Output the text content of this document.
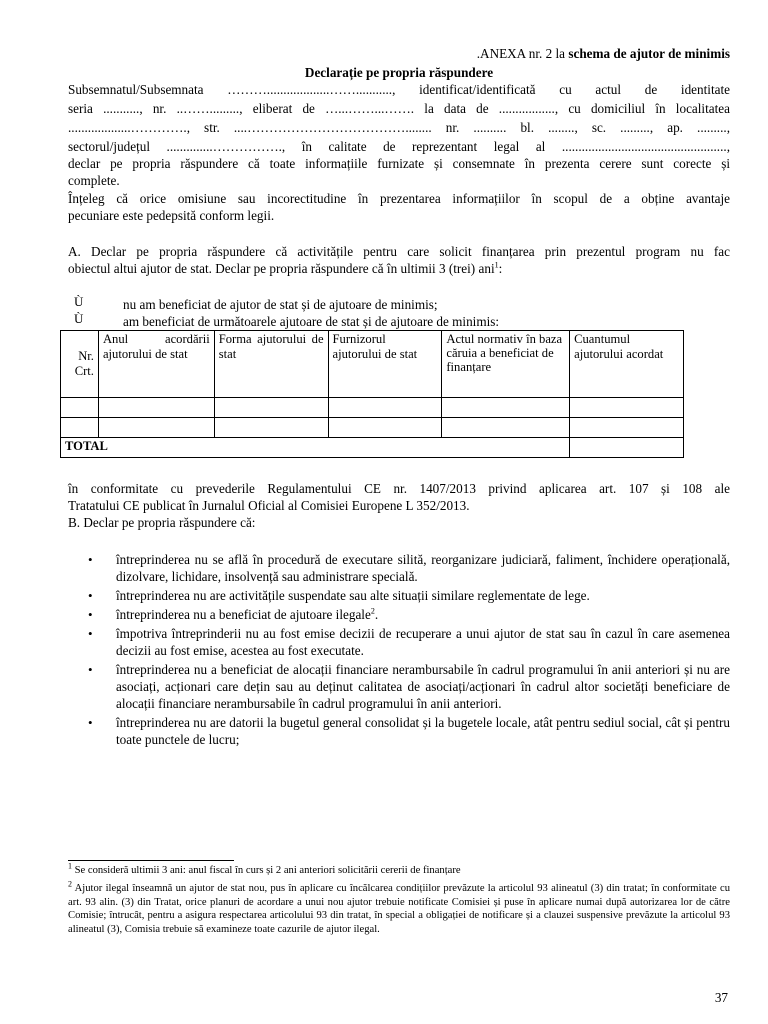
.ANEXA nr. 2 la schema de ajutor de minimis
Declarație pe propria răspundere
Subsemnatul/Subsemnata ………...................……..........., identificat/identificată cu actul de identitate
seria ..........., nr. ..……........., eliberat de …...……...……. la data de ................., cu domiciliul în localitatea
...................…………., str. ....………………………………........ nr. .......... bl. ........, sc. ........., ap. .........,
sectorul/județul ..............……………., în calitate de reprezentant legal al ..................................................,
declar pe propria răspundere că toate informațiile furnizate și consemnate în prezenta cerere sunt corecte și
complete.
Înțeleg că orice omisiune sau incorectitudine în prezentarea informațiilor în scopul de a obține avantaje
pecuniare este pedepsită conform legii.
A. Declar pe propria răspundere că activitățile pentru care solicit finanțarea prin prezentul program nu fac
obiectul altui ajutor de stat. Declar pe propria răspundere că în ultimii 3 (trei) ani$^1$:
Ù	nu am beneficiat de ajutor de stat și de ajutoare de minimis;
Ù	am beneficiat de următoarele ajutoare de stat și de ajutoare de minimis:
Nr. Crt.	Anul acordării ajutorului de stat	Forma ajutorului de stat	Furnizorul ajutorului de stat	Actul normativ în baza căruia a beneficiat de finanțare	Cuantumul ajutorului acordat

TOTAL					
în conformitate cu prevederile Regulamentului CE nr. 1407/2013 privind aplicarea art. 107 și 108 ale
Tratatului CE publicat în Jurnalul Oficial al Comisiei Europene L 352/2013.
B. Declar pe propria răspundere că:
• întreprinderea nu se află în procedură de executare silită, reorganizare judiciară, faliment, închidere operațională, dizolvare, lichidare, insolvență sau administrare specială.
• întreprinderea nu are activitățile suspendate sau alte situații similare reglementate de lege.
• întreprinderea nu a beneficiat de ajutoare ilegale$^2$.
• împotriva întreprinderii nu au fost emise decizii de recuperare a unui ajutor de stat sau în cazul în care asemenea decizii au fost emise, acestea au fost executate.
• întreprinderea nu a beneficiat de alocații financiare nerambursabile în cadrul programului în anii anteriori și nu are asociați, acționari care dețin sau au deținut calitatea de asociați/acționari în cadrul altor societăți beneficiare de alocații financiare nerambursabile în cadrul programului în anii anteriori.
• întreprinderea nu are datorii la bugetul general consolidat și la bugetele locale, atât pentru sediul social, cât și pentru toate punctele de lucru;
$^1$ Se consideră ultimii 3 ani: anul fiscal în curs și 2 ani anteriori solicitării cererii de finanțare
$^2$ Ajutor ilegal înseamnă un ajutor de stat nou, pus în aplicare cu încălcarea condițiilor prevăzute la articolul 93 alineatul (3) din tratat; în conformitate cu art. 93 alin. (3) din Tratat, orice planuri de acordare a unui nou ajutor trebuie notificate Comisiei și puse în aplicare numai după autorizarea lor de către Comisie; întrucât, pentru a asigura respectarea articolului 93 din tratat, în special a obligației de notificare și a clauzei suspensive prevăzute la articolul 93 alineatul (3), Comisia trebuie să examineze toate cazurile de ajutor ilegal.
37
